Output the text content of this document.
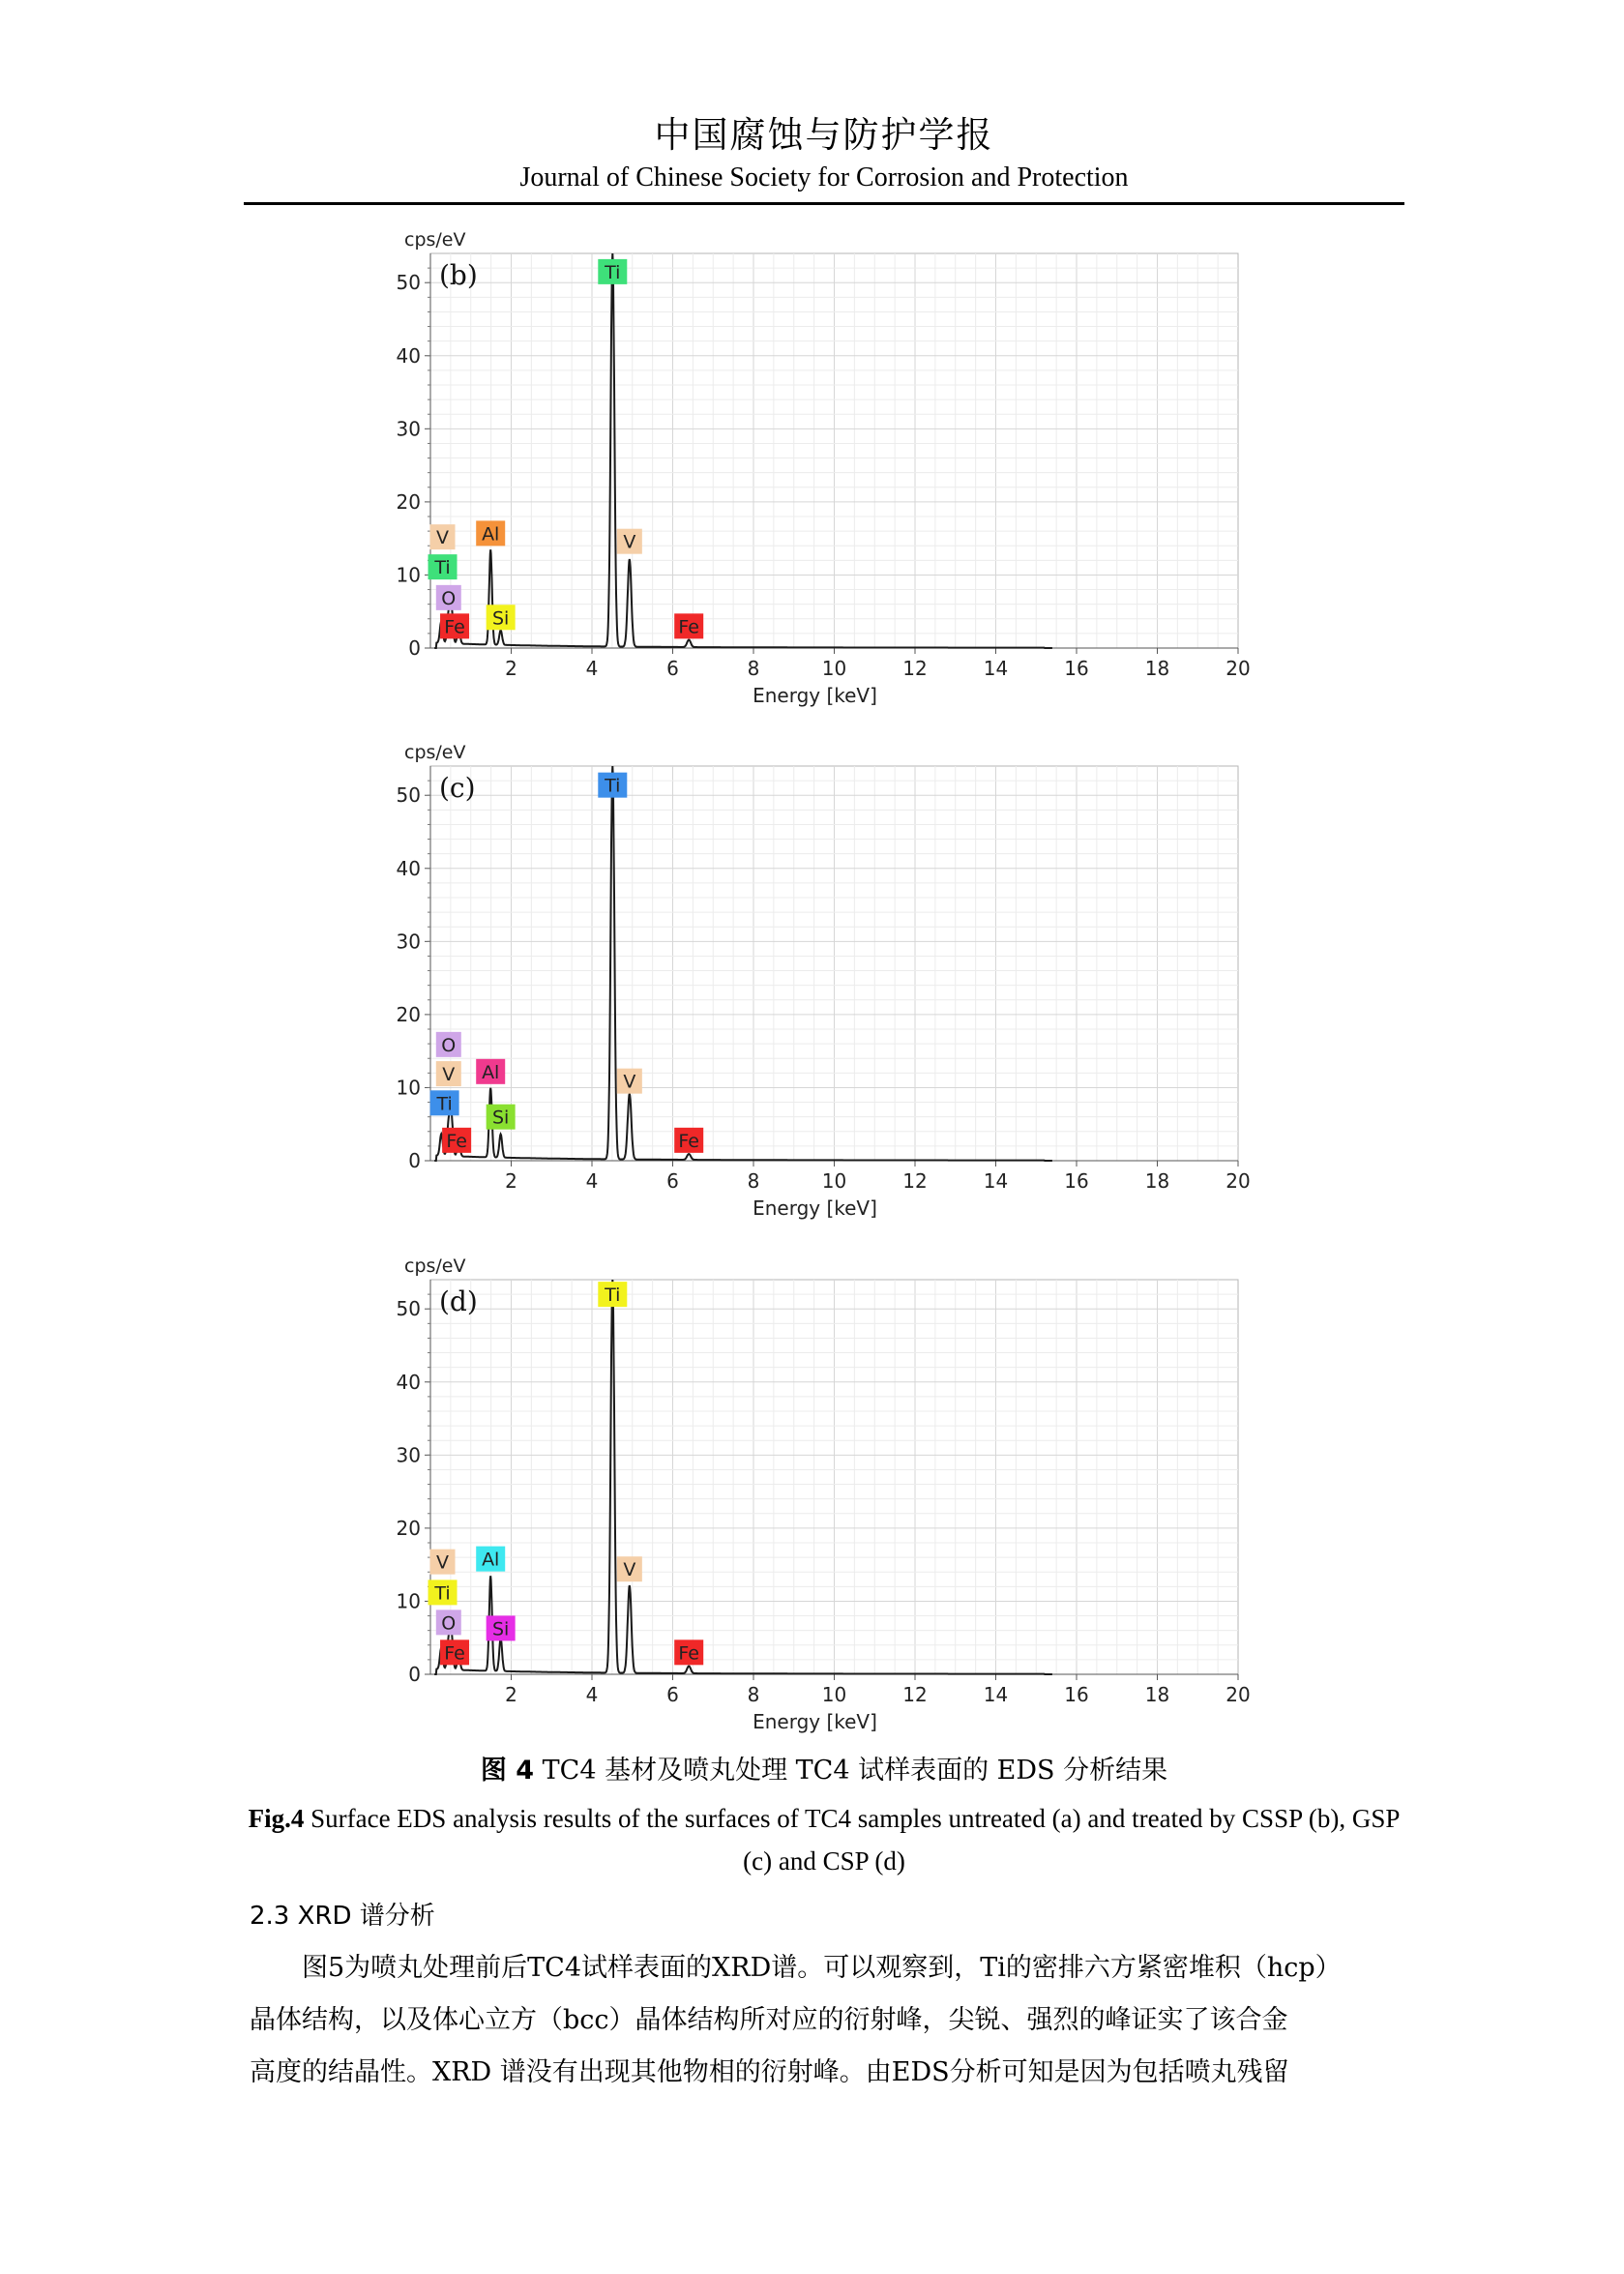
中国腐蚀与防护学报
Journal of Chinese Society for Corrosion and Protection
0
10
20
30
40
50
2	4	6	8	10	12	14	16	18	20
cps/eV
Energy [keV]
(b)	Ti
Al	V
V
Ti
O
Fe Si	Fe
0
10
20
30
40
50
2	4	6	8	10	12	14	16	18	20
cps/eV
Energy [keV]
(c)	Ti
Al	V
O
V
Ti
Fe
Si
Fe
0
10
20
30
40
50
2	4	6	8	10	12	14	16	18	20
cps/eV
Energy [keV]
(d)	Ti
Al	V
V
Ti
O
Fe
Si
Fe
图 4 TC4 基材及喷丸处理 TC4 试样表面的 EDS 分析结果
Fig.4 Surface EDS analysis results of the surfaces of TC4 samples untreated (a) and treated by CSSP (b), GSP (c) and CSP (d)
2.3 XRD 谱分析
图5为喷丸处理前后TC4试样表面的XRD谱。可以观察到，Ti的密排六方紧密堆积（hcp）
晶体结构，以及体心立方（bcc）晶体结构所对应的衍射峰，尖锐、强烈的峰证实了该合金
高度的结晶性。XRD 谱没有出现其他物相的衍射峰。由EDS分析可知是因为包括喷丸残留
